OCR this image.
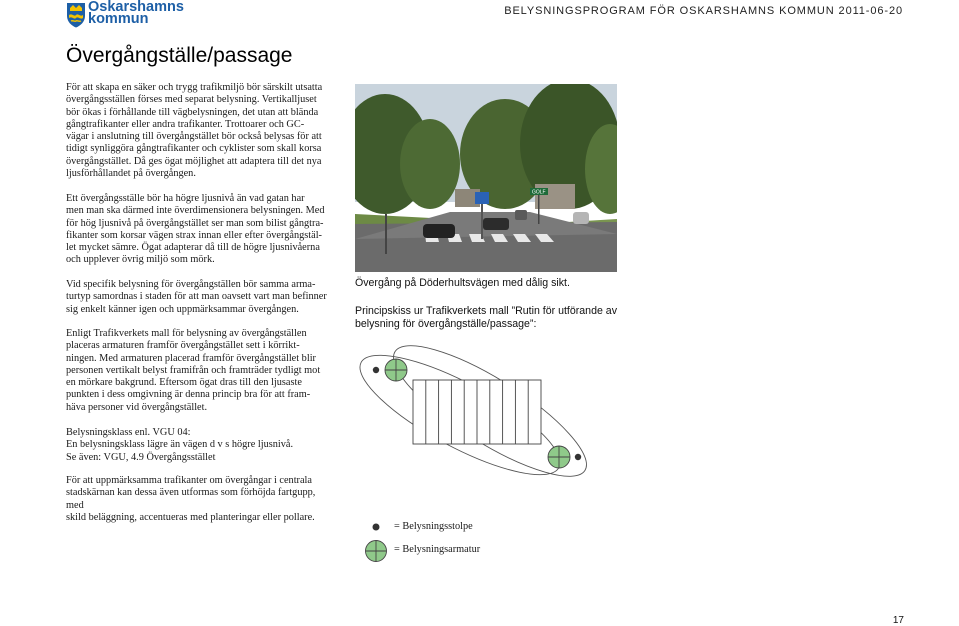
Oskarshamns
kommun	BELYSNINGSPROGRAM FÖR OSKARSHAMNS KOMMUN 2011-06-20
Övergångställe/passage

För att skapa en säker och trygg trafikmiljö bör särskilt utsatta

övergångsställen förses med separat belysning. Vertikalljuset

bör ökas i förhållande till vägbelysningen, det utan att blända

gångtrafikanter eller andra trafikanter. Trottoarer och GC-

vägar i anslutning till övergångstället bör också belysas för att

tidigt synliggöra gångtrafikanter och cyklister som skall korsa

övergångstället. Då ges ögat möjlighet att adaptera till det nya

ljusförhållandet på övergången.

Ett övergångsställe bör ha högre ljusnivå än vad gatan har

men man ska därmed inte överdimensionera belysningen. Med

för hög ljusnivå på övergångstället ser man som bilist gångtra-

fikanter som korsar vägen strax innan eller efter övergångstäl-

let mycket sämre. Ögat adapterar då till de högre ljusnivåerna

och upplever övrig miljö som mörk.

Vid specifik belysning för övergångställen bör samma arma-

turtyp samordnas i staden för att man oavsett vart man befinner

sig enkelt känner igen och uppmärksammar övergången.

Enligt Trafikverkets mall för belysning av övergångställen

placeras armaturen framför övergångstället sett i körrikt-

ningen. Med armaturen placerad framför övergångstället blir

personen vertikalt belyst framifrån och framträder tydligt mot

en mörkare bakgrund. Eftersom ögat dras till den ljusaste

punkten i dess omgivning är denna princip bra för att fram-

häva personer vid övergångstället.

Belysningsklass enl. VGU 04:

En belysningsklass lägre än vägen d v s högre ljusnivå.

Se även: VGU, 4.9 Övergångsstället

För att uppmärksamma trafikanter om övergångar i centrala

stadskärnan kan dessa även utformas som förhöjda fartgupp, med

skild beläggning, accentueras med planteringar eller pollare.

GOLF
Övergång på Döderhultsvägen med dålig sikt.
Principskiss ur Trafikverkets mall ”Rutin för utförande av
belysning för övergångställe/passage”:
= Belysningsstolpe
= Belysningsarmatur
17
